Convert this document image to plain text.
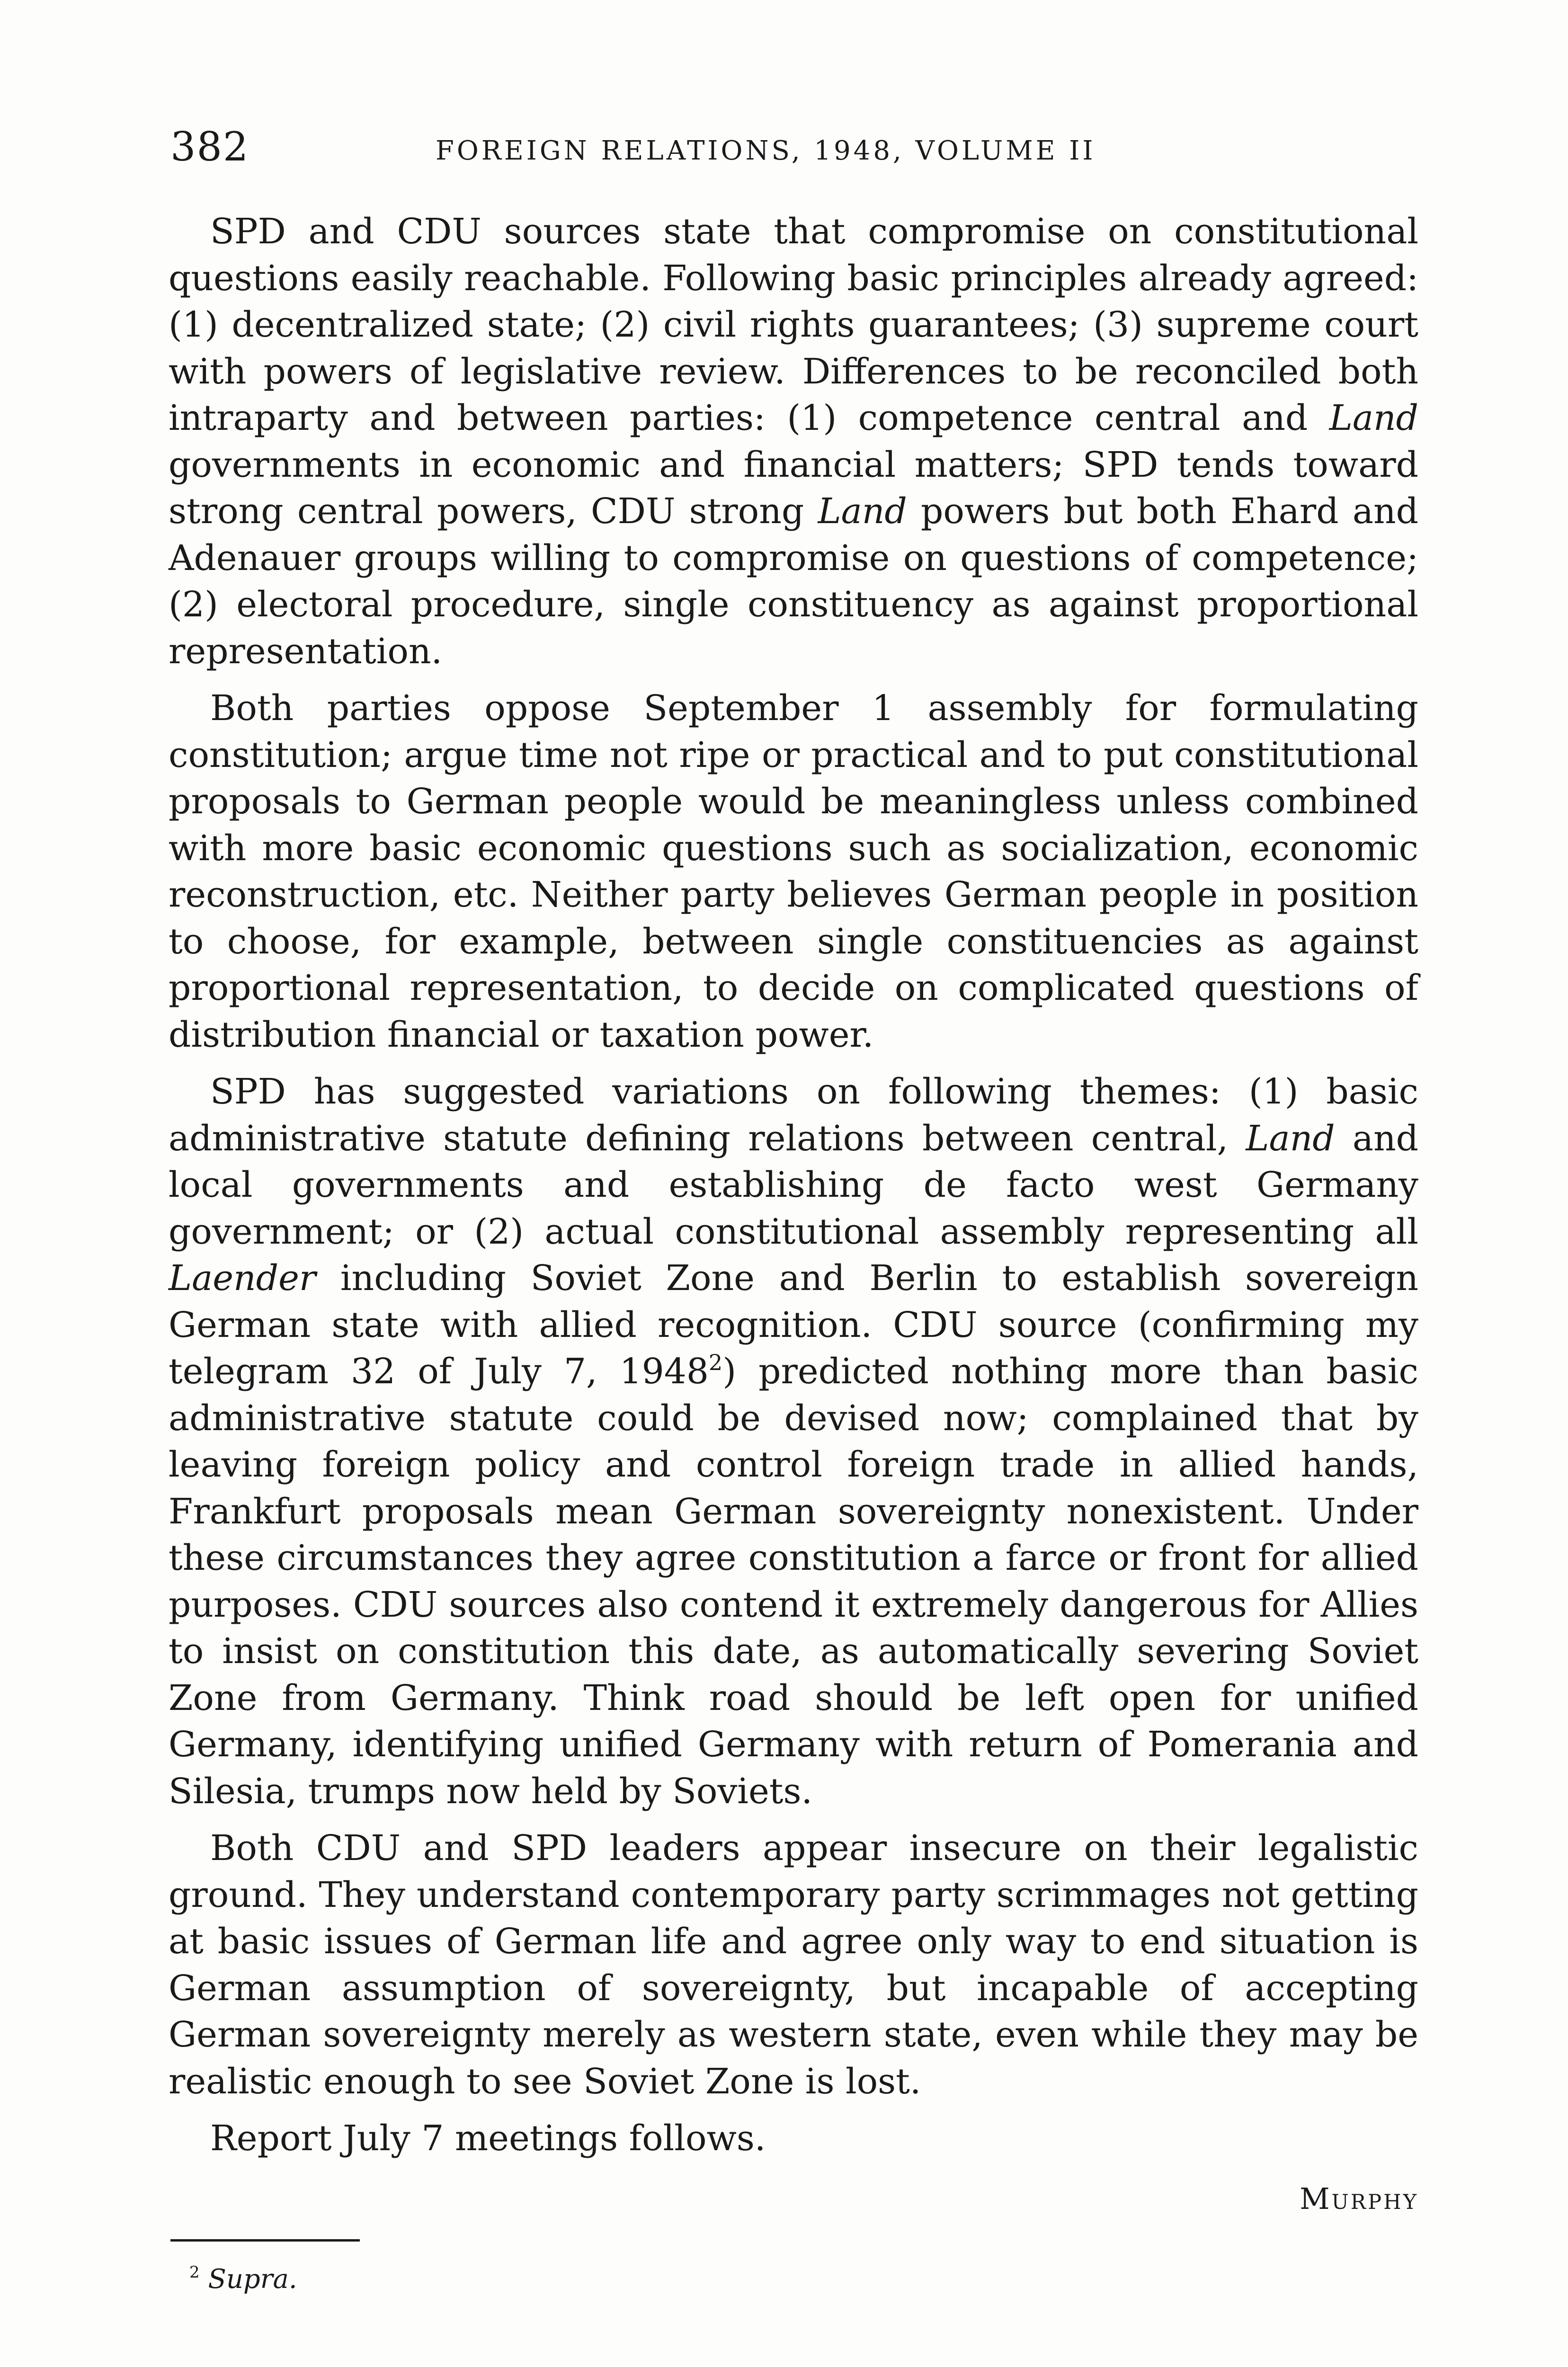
382	FOREIGN RELATIONS, 1948, VOLUME II

SPD and CDU sources state that compromise on constitutional questions easily reachable. Following basic principles already agreed: (1) decentralized state; (2) civil rights guarantees; (3) supreme court with powers of legislative review. Differences to be reconciled both intraparty and between parties: (1) competence central and Land governments in economic and financial matters; SPD tends toward strong central powers, CDU strong Land powers but both Ehard and Adenauer groups willing to compromise on questions of competence; (2) electoral procedure, single constituency as against proportional representation.

Both parties oppose September 1 assembly for formulating constitution; argue time not ripe or practical and to put constitutional proposals to German people would be meaningless unless combined with more basic economic questions such as socialization, economic reconstruction, etc. Neither party believes German people in position to choose, for example, between single constituencies as against proportional representation, to decide on complicated questions of distribution financial or taxation power.

SPD has suggested variations on following themes: (1) basic administrative statute defining relations between central, Land and local governments and establishing de facto west Germany government; or (2) actual constitutional assembly representing all Laender including Soviet Zone and Berlin to establish sovereign German state with allied recognition. CDU source (confirming my telegram 32 of July 7, 1948$^2$) predicted nothing more than basic administrative statute could be devised now; complained that by leaving foreign policy and control foreign trade in allied hands, Frankfurt proposals mean German sovereignty nonexistent. Under these circumstances they agree constitution a farce or front for allied purposes. CDU sources also contend it extremely dangerous for Allies to insist on constitution this date, as automatically severing Soviet Zone from Germany. Think road should be left open for unified Germany, identifying unified Germany with return of Pomerania and Silesia, trumps now held by Soviets.

Both CDU and SPD leaders appear insecure on their legalistic ground. They understand contemporary party scrimmages not getting at basic issues of German life and agree only way to end situation is German assumption of sovereignty, but incapable of accepting German sovereignty merely as western state, even while they may be realistic enough to see Soviet Zone is lost.

Report July 7 meetings follows.

Murphy
$^2$ Supra.
